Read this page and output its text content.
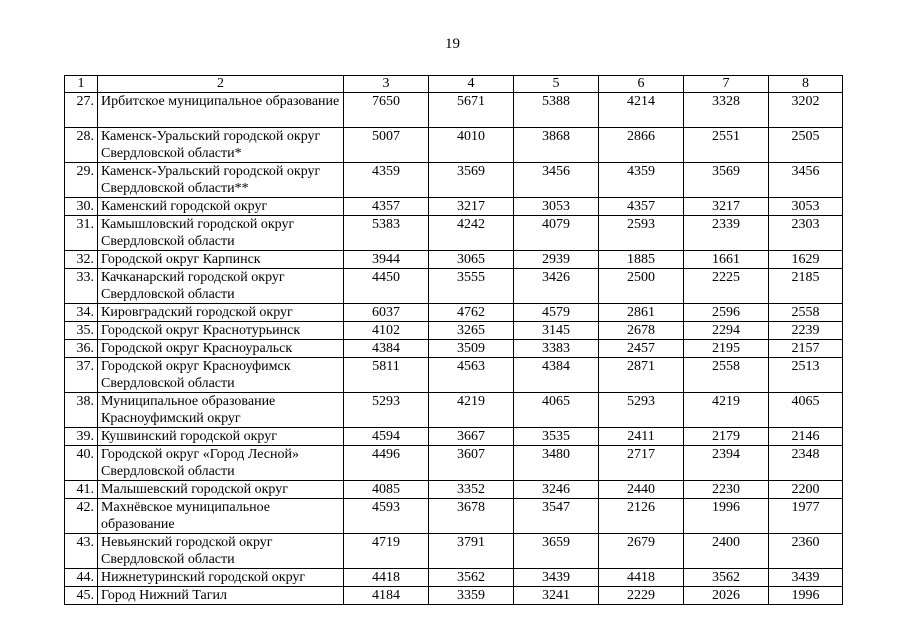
19
1	2	3	4	5	6	7	8
27.	Ирбитское муниципальное образование	7650	5671	5388	4214	3328	3202
28.	Каменск-Уральский городской округ Свердловской области*	5007	4010	3868	2866	2551	2505
29.	Каменск-Уральский городской округ Свердловской области**	4359	3569	3456	4359	3569	3456
30.	Каменский городской округ	4357	3217	3053	4357	3217	3053
31.	Камышловский городской округ Свердловской области	5383	4242	4079	2593	2339	2303
32.	Городской округ Карпинск	3944	3065	2939	1885	1661	1629
33.	Качканарский городской округ Свердловской области	4450	3555	3426	2500	2225	2185
34.	Кировградский городской округ	6037	4762	4579	2861	2596	2558
35.	Городской округ Краснотурьинск	4102	3265	3145	2678	2294	2239
36.	Городской округ Красноуральск	4384	3509	3383	2457	2195	2157
37.	Городской округ Красноуфимск Свердловской области	5811	4563	4384	2871	2558	2513
38.	Муниципальное образование Красноуфимский округ	5293	4219	4065	5293	4219	4065
39.	Кушвинский городской округ	4594	3667	3535	2411	2179	2146
40.	Городской округ «Город Лесной» Свердловской области	4496	3607	3480	2717	2394	2348
41.	Малышевский городской округ	4085	3352	3246	2440	2230	2200
42.	Махнёвское муниципальное образование	4593	3678	3547	2126	1996	1977
43.	Невьянский городской округ Свердловской области	4719	3791	3659	2679	2400	2360
44.	Нижнетуринский городской округ	4418	3562	3439	4418	3562	3439
45.	Город Нижний Тагил	4184	3359	3241	2229	2026	1996
